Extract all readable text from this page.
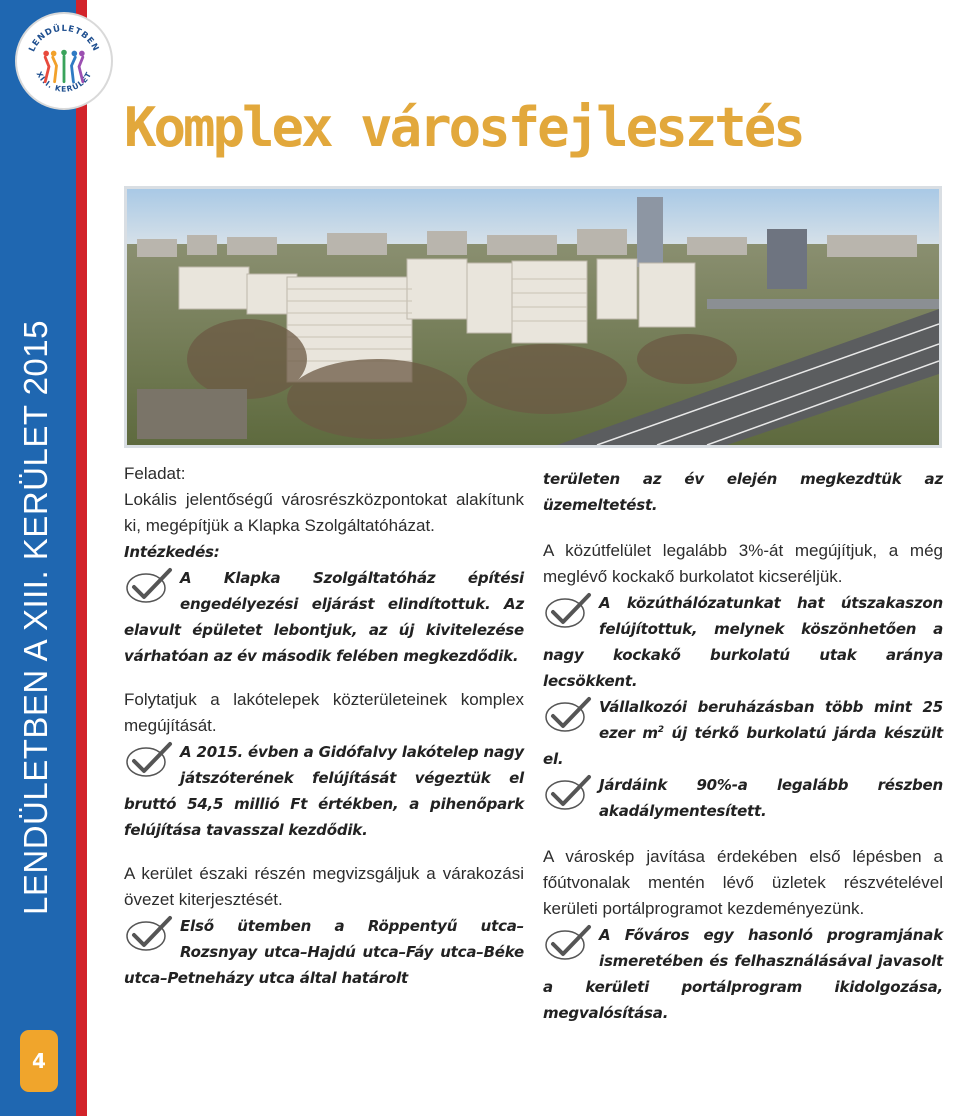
LENDÜLETBEN A XIII. KERÜLET 2015
4
LENDÜLETBEN
XIII. KERÜLET
Komplex városfejlesztés

Feladat:

Lokális jelentőségű városrészközpontokat alakítunk ki, megépítjük a Klapka Szolgáltatóházat.

Intézkedés:

A Klapka Szolgáltatóház építési engedélyezési eljárást elindítottuk. Az elavult épületet lebontjuk, az új kivitelezése várhatóan az év második felében megkezdődik.

Folytatjuk a lakótelepek közterületeinek komplex megújítását.

A 2015. évben a Gidófalvy lakótelep nagy játszóterének felújítását végeztük el bruttó 54,5 millió Ft értékben, a pihenőpark felújítása tavasszal kezdődik.

A kerület északi részén megvizsgáljuk a várakozási övezet kiterjesztését.

Első ütemben a Röppentyű utca–Rozsnyay utca–Hajdú utca–Fáy utca–Béke utca–Petneházy utca által határolt

területen az év elején megkezdtük az üzemeltetést.

A közútfelület legalább 3%-át megújítjuk, a még meglévő kockakő burkolatot kicseréljük.

A közúthálózatunkat hat útszakaszon felújítottuk, melynek köszönhetően a nagy kockakő burkolatú utak aránya lecsökkent.
Vállalkozói beruházásban több mint 25 ezer $m^2$ új térkő burkolatú járda készült el.
Járdáink 90%-a legalább részben akadálymentesített.

A városkép javítása érdekében első lépésben a főútvonalak mentén lévő üzletek részvételével kerületi portálprogramot kezdeményezünk.

A Főváros egy hasonló programjának ismeretében és felhasználásával javasolt a kerületi portálprogram ikidolgozása, megvalósítása.
